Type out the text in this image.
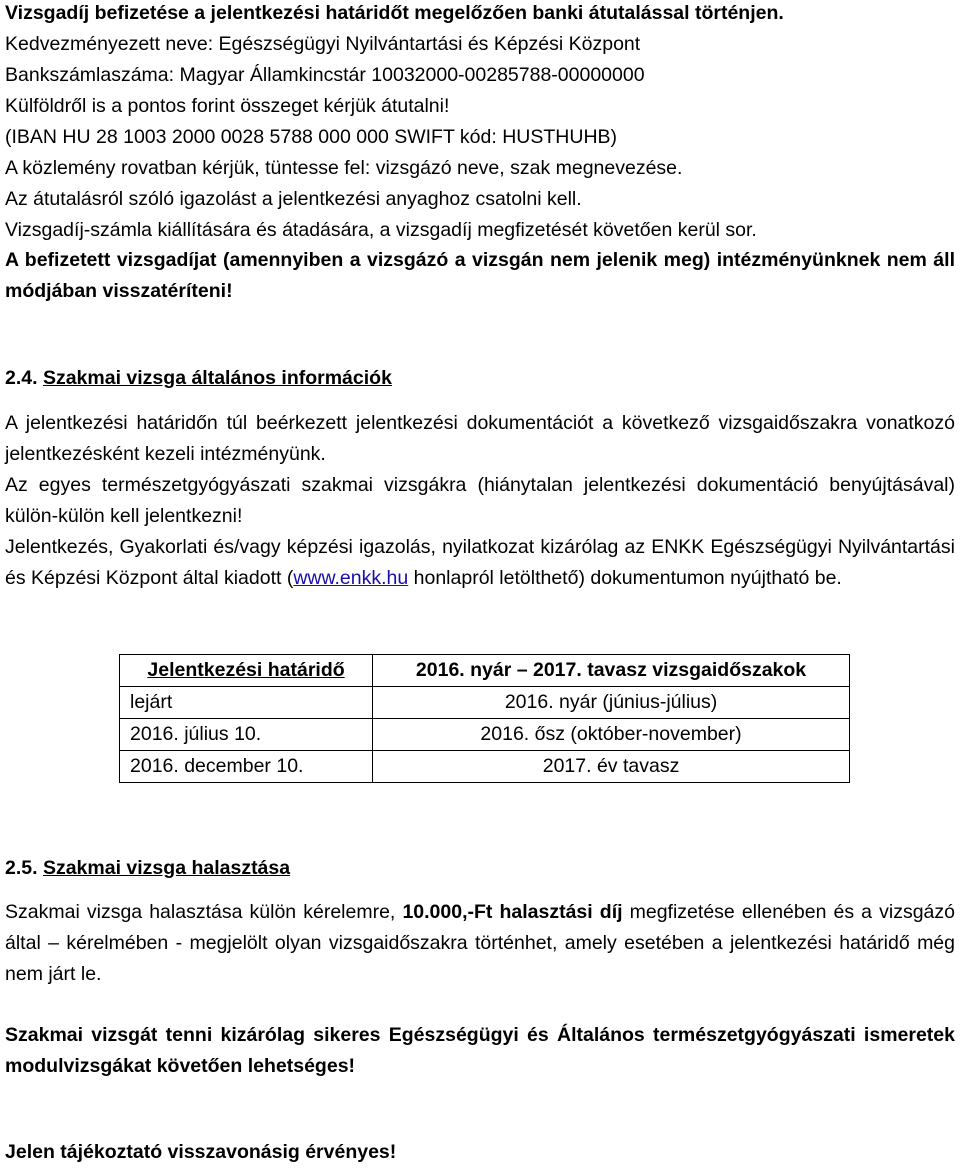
Vizsgadíj befizetése a jelentkezési határidőt megelőzően banki átutalással történjen.
Kedvezményezett neve: Egészségügyi Nyilvántartási és Képzési Központ
Bankszámlaszáma: Magyar Államkincstár 10032000-00285788-00000000
Külföldről is a pontos forint összeget kérjük átutalni!
(IBAN HU 28 1003 2000 0028 5788 000 000 SWIFT kód: HUSTHUHB)
A közlemény rovatban kérjük, tüntesse fel: vizsgázó neve, szak megnevezése.
Az átutalásról szóló igazolást a jelentkezési anyaghoz csatolni kell.
Vizsgadíj-számla kiállítására és átadására, a vizsgadíj megfizetését követően kerül sor.
A befizetett vizsgadíjat (amennyiben a vizsgázó a vizsgán nem jelenik meg) intézményünknek nem áll módjában visszatéríteni!
2.4. Szakmai vizsga általános információk
A jelentkezési határidőn túl beérkezett jelentkezési dokumentációt a következő vizsgaidőszakra vonatkozó jelentkezésként kezeli intézményünk.
Az egyes természetgyógyászati szakmai vizsgákra (hiánytalan jelentkezési dokumentáció benyújtásával) külön-külön kell jelentkezni!
Jelentkezés, Gyakorlati és/vagy képzési igazolás, nyilatkozat kizárólag az ENKK Egészségügyi Nyilvántartási és Képzési Központ által kiadott (www.enkk.hu honlapról letölthető) dokumentumon nyújtható be.
Jelentkezési határidő	2016. nyár – 2017. tavasz vizsgaidőszakok
lejárt	2016. nyár (június-július)
2016. július 10.	2016. ősz (október-november)
2016. december 10.	2017. év tavasz
2.5. Szakmai vizsga halasztása
Szakmai vizsga halasztása külön kérelemre, 10.000,-Ft halasztási díj megfizetése ellenében és a vizsgázó által – kérelmében - megjelölt olyan vizsgaidőszakra történhet, amely esetében a jelentkezési határidő még nem járt le.
Szakmai vizsgát tenni kizárólag sikeres Egészségügyi és Általános természetgyógyászati ismeretek modulvizsgákat követően lehetséges!
Jelen tájékoztató visszavonásig érvényes!
